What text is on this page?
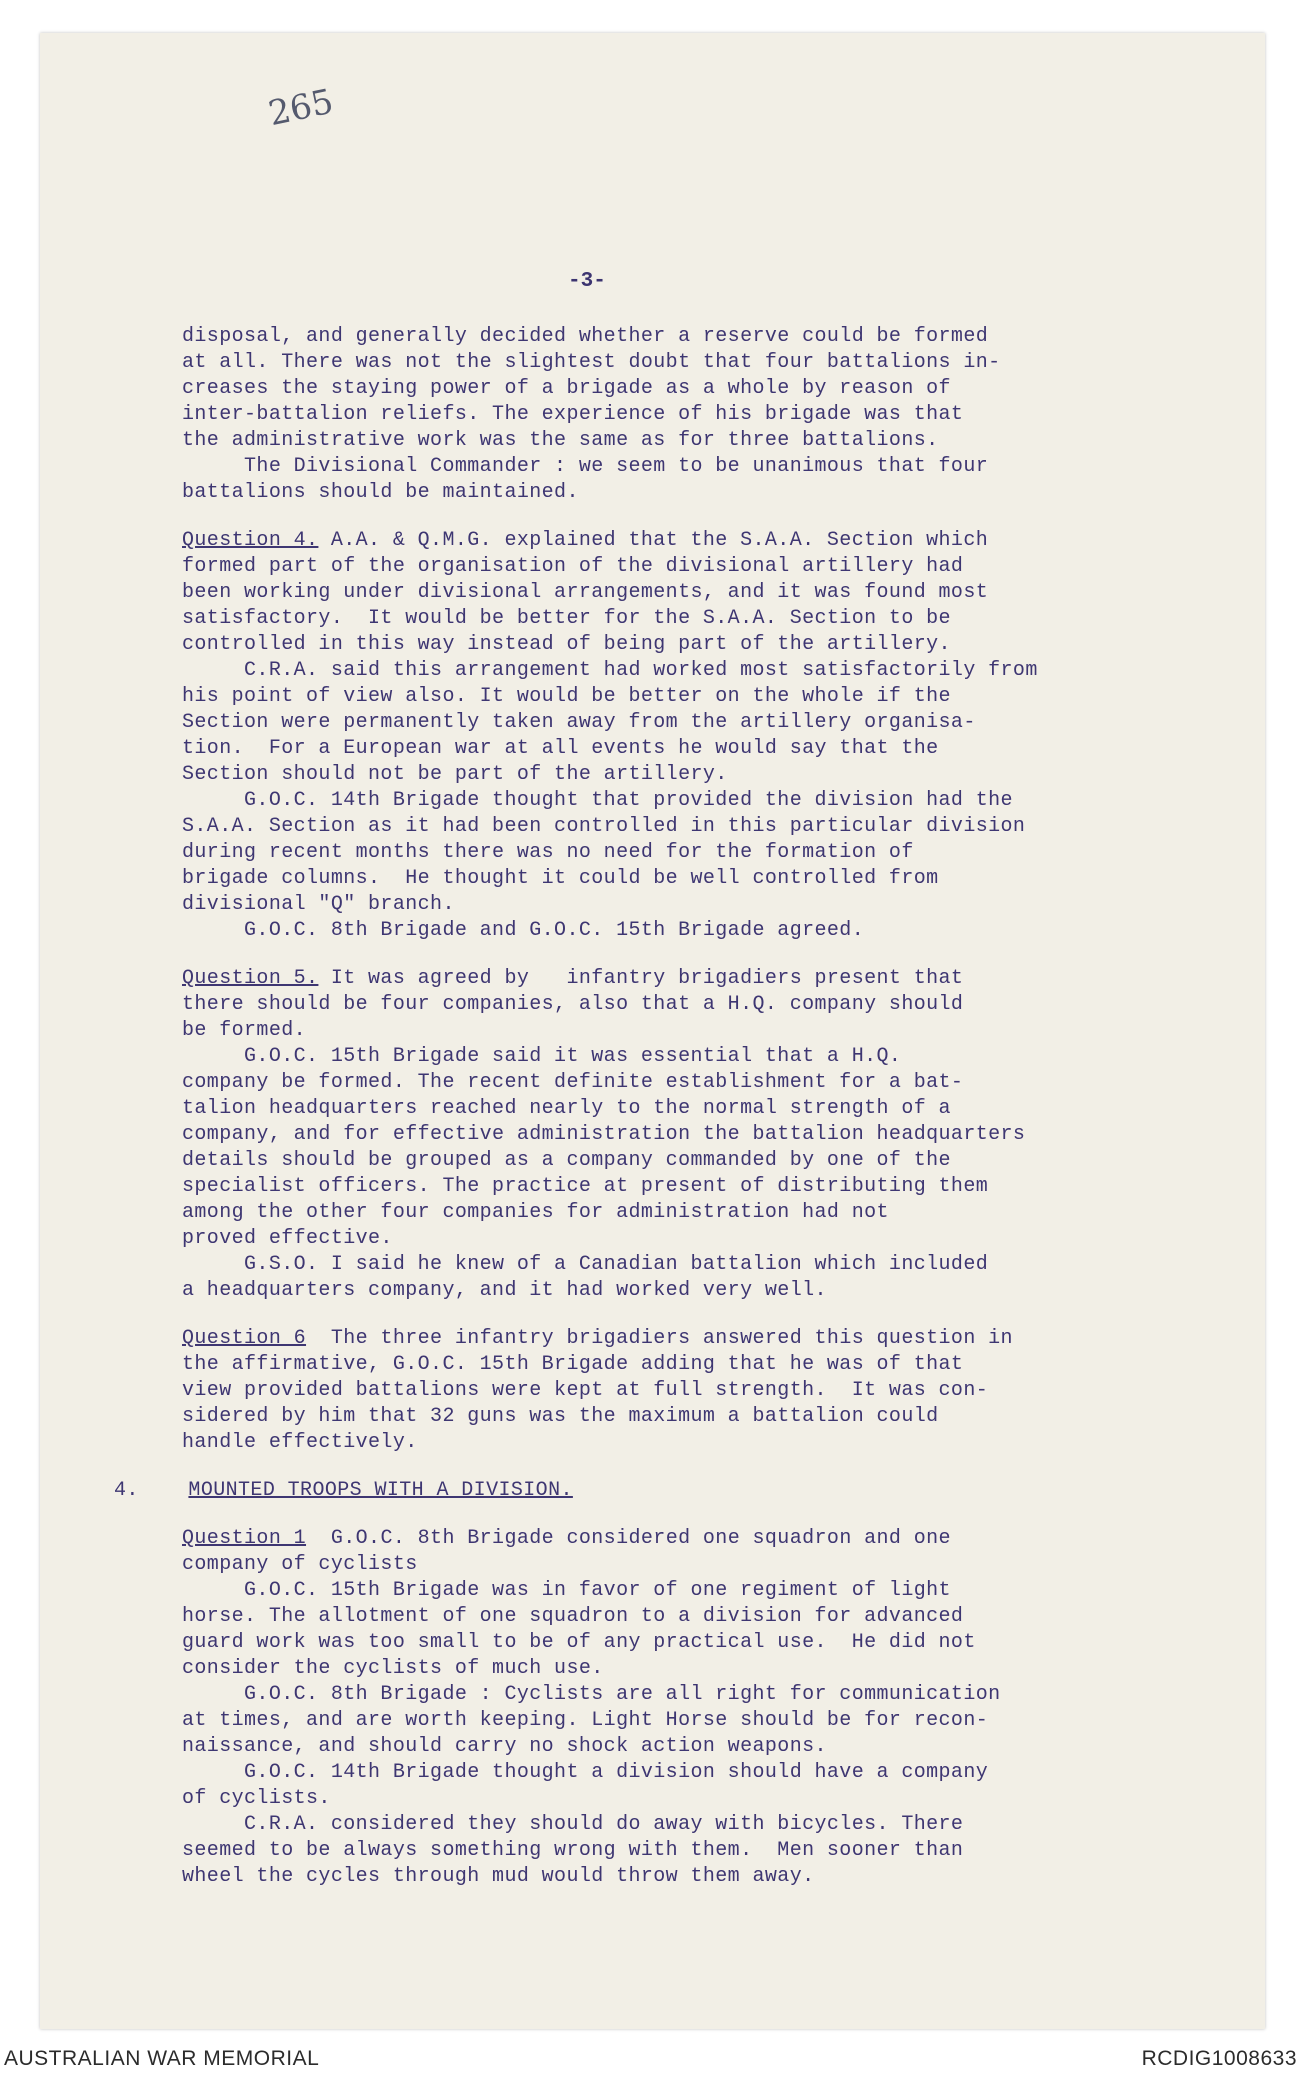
265
-3-
disposal, and generally decided whether a reserve could be formed
at all. There was not the slightest doubt that four battalions in-
creases the staying power of a brigade as a whole by reason of
inter-battalion reliefs. The experience of his brigade was that
the administrative work was the same as for three battalions.
The Divisional Commander : we seem to be unanimous that four
battalions should be maintained.
Question 4. A.A. & Q.M.G. explained that the S.A.A. Section which
formed part of the organisation of the divisional artillery had
been working under divisional arrangements, and it was found most
satisfactory.  It would be better for the S.A.A. Section to be
controlled in this way instead of being part of the artillery.
C.R.A. said this arrangement had worked most satisfactorily from
his point of view also. It would be better on the whole if the
Section were permanently taken away from the artillery organisa-
tion.  For a European war at all events he would say that the
Section should not be part of the artillery.
G.O.C. 14th Brigade thought that provided the division had the
S.A.A. Section as it had been controlled in this particular division
during recent months there was no need for the formation of
brigade columns.  He thought it could be well controlled from
divisional "Q" branch.
G.O.C. 8th Brigade and G.O.C. 15th Brigade agreed.
Question 5. It was agreed by   infantry brigadiers present that
there should be four companies, also that a H.Q. company should
be formed.
G.O.C. 15th Brigade said it was essential that a H.Q.
company be formed. The recent definite establishment for a bat-
talion headquarters reached nearly to the normal strength of a
company, and for effective administration the battalion headquarters
details should be grouped as a company commanded by one of the
specialist officers. The practice at present of distributing them
among the other four companies for administration had not
proved effective.
G.S.O. I said he knew of a Canadian battalion which included
a headquarters company, and it had worked very well.
Question 6  The three infantry brigadiers answered this question in
the affirmative, G.O.C. 15th Brigade adding that he was of that
view provided battalions were kept at full strength.  It was con-
sidered by him that 32 guns was the maximum a battalion could
handle effectively.
4. MOUNTED TROOPS WITH A DIVISION.
Question 1  G.O.C. 8th Brigade considered one squadron and one
company of cyclists
G.O.C. 15th Brigade was in favor of one regiment of light
horse. The allotment of one squadron to a division for advanced
guard work was too small to be of any practical use.  He did not
consider the cyclists of much use.
G.O.C. 8th Brigade : Cyclists are all right for communication
at times, and are worth keeping. Light Horse should be for recon-
naissance, and should carry no shock action weapons.
G.O.C. 14th Brigade thought a division should have a company
of cyclists.
C.R.A. considered they should do away with bicycles. There
seemed to be always something wrong with them.  Men sooner than
wheel the cycles through mud would throw them away.
AUSTRALIAN WAR MEMORIAL	RCDIG1008633
